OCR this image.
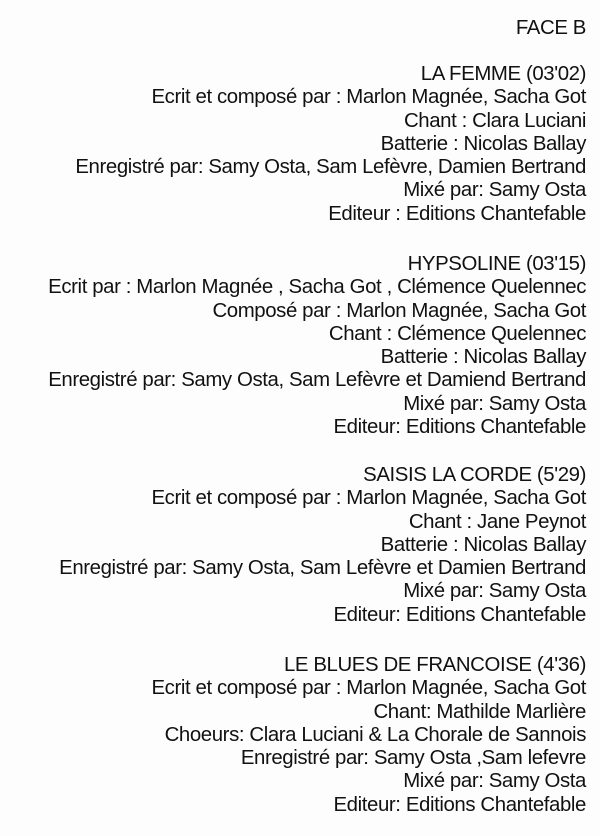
FACE B
LA FEMME (03'02)
Ecrit et composé par : Marlon Magnée, Sacha Got
Chant : Clara Luciani
Batterie : Nicolas Ballay
Enregistré par: Samy Osta, Sam Lefèvre, Damien Bertrand
Mixé par: Samy Osta
Editeur : Editions Chantefable
HYPSOLINE (03'15)
Ecrit par : Marlon Magnée , Sacha Got , Clémence Quelennec
Composé par : Marlon Magnée, Sacha Got
Chant : Clémence Quelennec
Batterie : Nicolas Ballay
Enregistré par: Samy Osta, Sam Lefèvre et Damiend Bertrand
Mixé par: Samy Osta
Editeur: Editions Chantefable
SAISIS LA CORDE (5'29)
Ecrit et composé par : Marlon Magnée, Sacha Got
Chant : Jane Peynot
Batterie : Nicolas Ballay
Enregistré par: Samy Osta, Sam Lefèvre et Damien Bertrand
Mixé par: Samy Osta
Editeur: Editions Chantefable
LE BLUES DE FRANCOISE (4'36)
Ecrit et composé par : Marlon Magnée, Sacha Got
Chant: Mathilde Marlière
Choeurs: Clara Luciani & La Chorale de Sannois
Enregistré par: Samy Osta ,Sam lefevre
Mixé par: Samy Osta
Editeur: Editions Chantefable
